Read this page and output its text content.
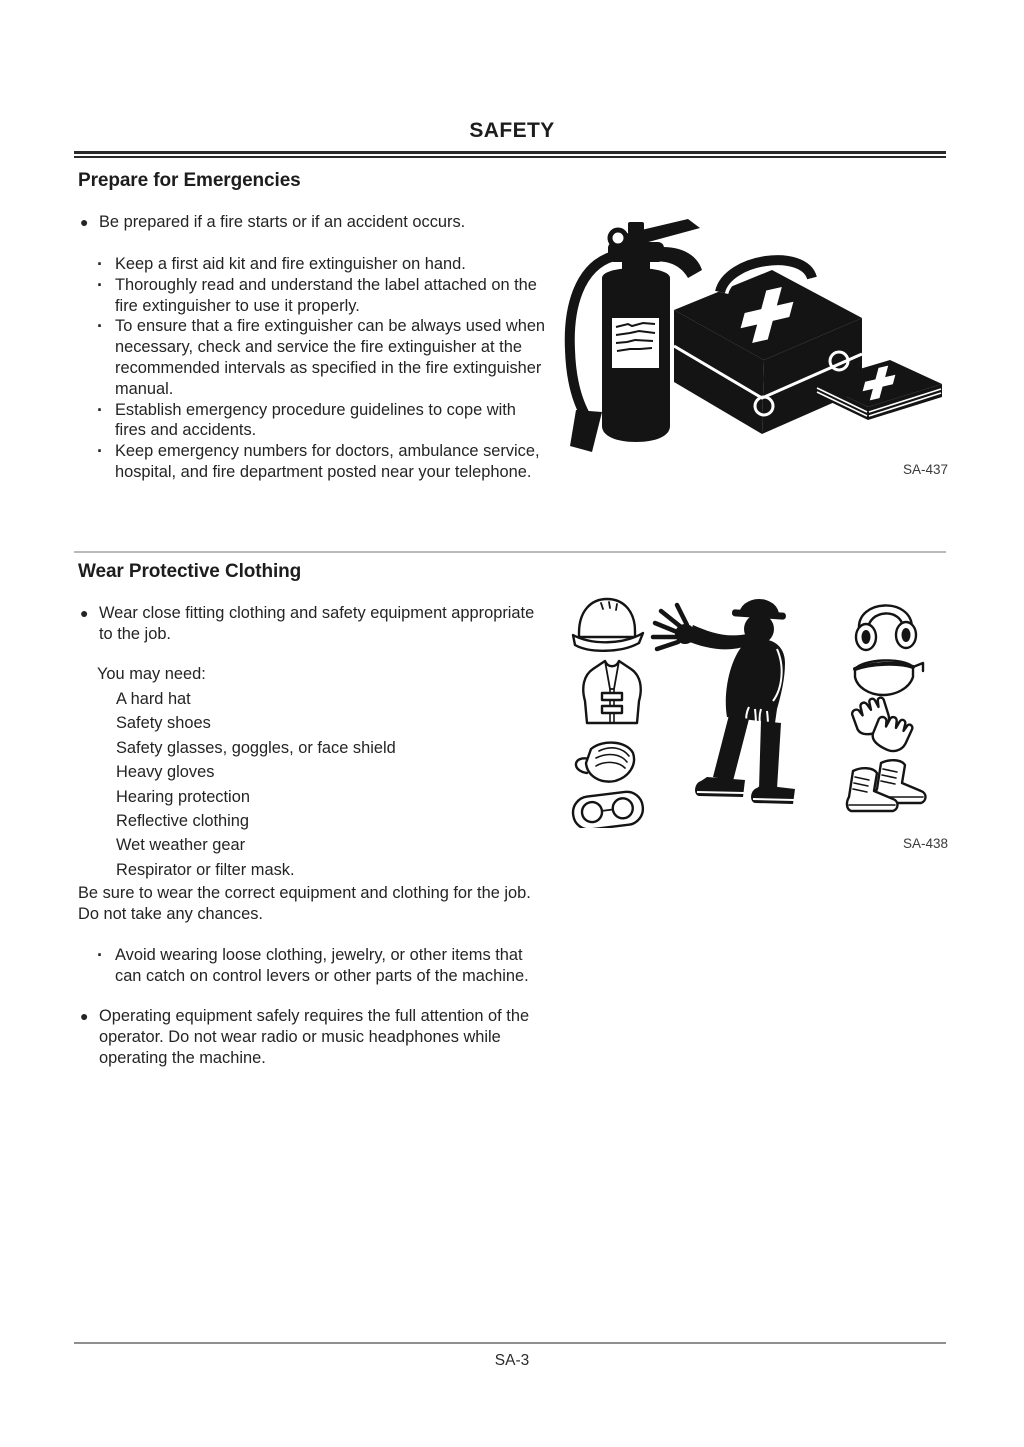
SAFETY
Prepare for Emergencies
● Be prepared if a fire starts or if an accident occurs.
· Keep a first aid kit and fire extinguisher on hand.
· Thoroughly read and understand the label attached on the fire extinguisher to use it properly.
· To ensure that a fire extinguisher can be always used when necessary, check and service the fire extinguisher at the recommended intervals as specified in the fire extinguisher manual.
· Establish emergency procedure guidelines to cope with fires and accidents.
· Keep emergency numbers for doctors, ambulance service, hospital, and fire department posted near your telephone.	SA-437
Wear Protective Clothing
● Wear close fitting clothing and safety equipment appropriate to the job.
You may need:
A hard hat
Safety shoes
Safety glasses, goggles, or face shield
Heavy gloves
Hearing protection
Reflective clothing
Wet weather gear
Respirator or filter mask.
Be sure to wear the correct equipment and clothing for the job. Do not take any chances.
· Avoid wearing loose clothing, jewelry, or other items that can catch on control levers or other parts of the machine.
● Operating equipment safely requires the full attention of the operator. Do not wear radio or music headphones while operating the machine.
SA-438
SA-3
